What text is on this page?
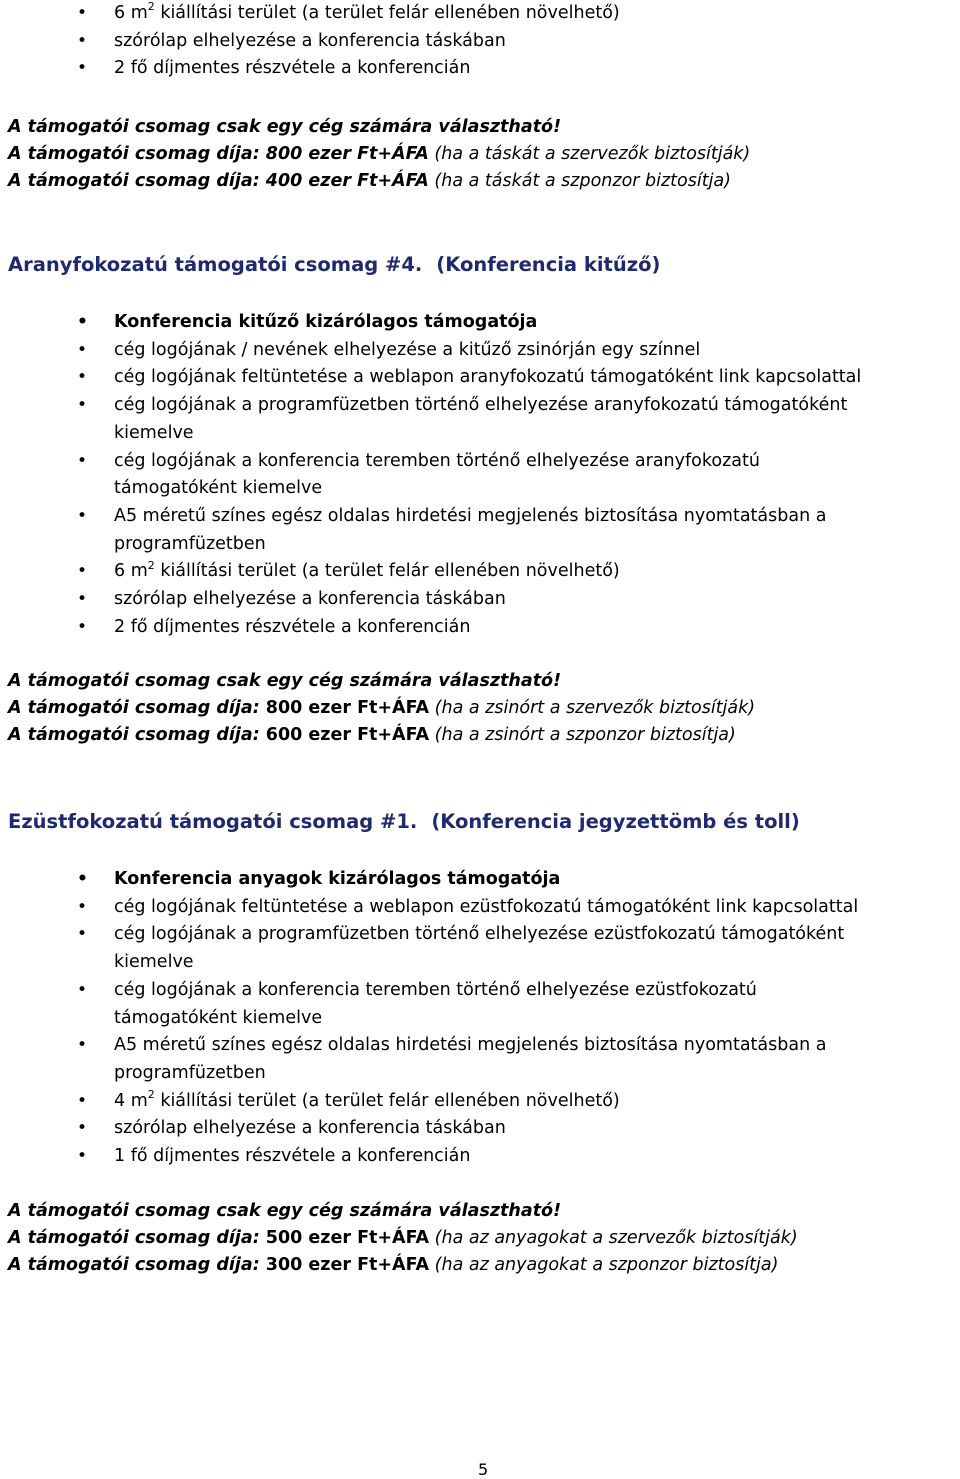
• 6 $m^2$ kiállítási terület (a terület felár ellenében növelhető)
• szórólap elhelyezése a konferencia táskában
• 2 fő díjmentes részvétele a konferencián

A támogatói csomag csak egy cég számára választható!

A támogatói csomag díja: 800 ezer Ft+ÁFA (ha a táskát a szervezők biztosítják)

A támogatói csomag díja: 400 ezer Ft+ÁFA (ha a táskát a szponzor biztosítja)

Aranyfokozatú támogatói csomag #4. (Konferencia kitűző)
• Konferencia kitűző kizárólagos támogatója
• cég logójának / nevének elhelyezése a kitűző zsinórján egy színnel
• cég logójának feltüntetése a weblapon aranyfokozatú támogatóként link kapcsolattal
• cég logójának a programfüzetben történő elhelyezése aranyfokozatú támogatóként
kiemelve
• cég logójának a konferencia teremben történő elhelyezése aranyfokozatú
támogatóként kiemelve
• A5 méretű színes egész oldalas hirdetési megjelenés biztosítása nyomtatásban a
programfüzetben
• 6 $m^2$ kiállítási terület (a terület felár ellenében növelhető)
• szórólap elhelyezése a konferencia táskában
• 2 fő díjmentes részvétele a konferencián

A támogatói csomag csak egy cég számára választható!

A támogatói csomag díja: 800 ezer Ft+ÁFA (ha a zsinórt a szervezők biztosítják)

A támogatói csomag díja: 600 ezer Ft+ÁFA (ha a zsinórt a szponzor biztosítja)

Ezüstfokozatú támogatói csomag #1. (Konferencia jegyzettömb és toll)
• Konferencia anyagok kizárólagos támogatója
• cég logójának feltüntetése a weblapon ezüstfokozatú támogatóként link kapcsolattal
• cég logójának a programfüzetben történő elhelyezése ezüstfokozatú támogatóként
kiemelve
• cég logójának a konferencia teremben történő elhelyezése ezüstfokozatú
támogatóként kiemelve
• A5 méretű színes egész oldalas hirdetési megjelenés biztosítása nyomtatásban a
programfüzetben
• 4 $m^2$ kiállítási terület (a terület felár ellenében növelhető)
• szórólap elhelyezése a konferencia táskában
• 1 fő díjmentes részvétele a konferencián

A támogatói csomag csak egy cég számára választható!

A támogatói csomag díja: 500 ezer Ft+ÁFA (ha az anyagokat a szervezők biztosítják)

A támogatói csomag díja: 300 ezer Ft+ÁFA (ha az anyagokat a szponzor biztosítja)

5
